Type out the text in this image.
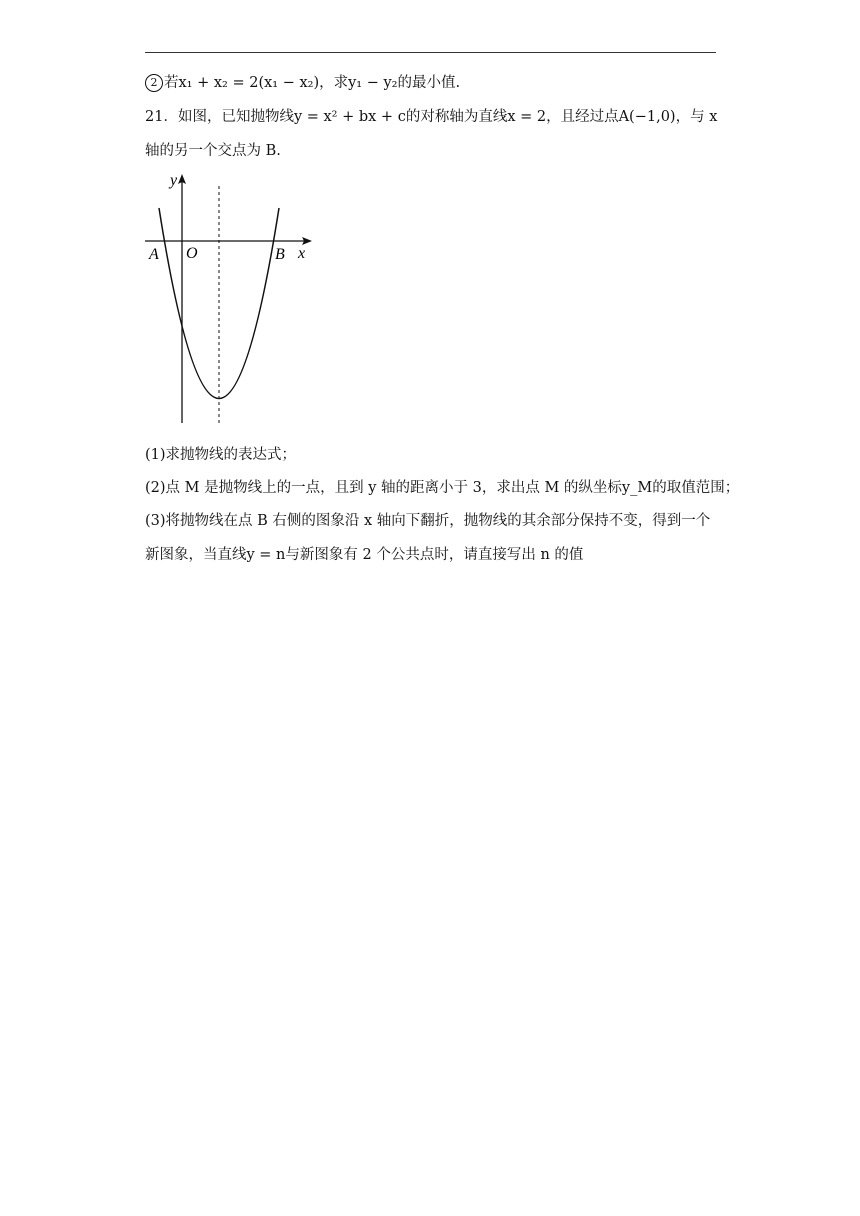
2 若x₁ + x₂ = 2(x₁ − x₂)，求y₁ − y₂的最小值.
21．如图，已知抛物线y = x² + bx + c的对称轴为直线x = 2，且经过点A(−1,0)，与 x
轴的另一个交点为 B.
y
x
O
A	B
(1)求抛物线的表达式；
(2)点 M 是抛物线上的一点，且到 y 轴的距离小于 3，求出点 M 的纵坐标y_M的取值范围；
(3)将抛物线在点 B 右侧的图象沿 x 轴向下翻折，抛物线的其余部分保持不变，得到一个
新图象，当直线y = n与新图象有 2 个公共点时，请直接写出 n 的值
